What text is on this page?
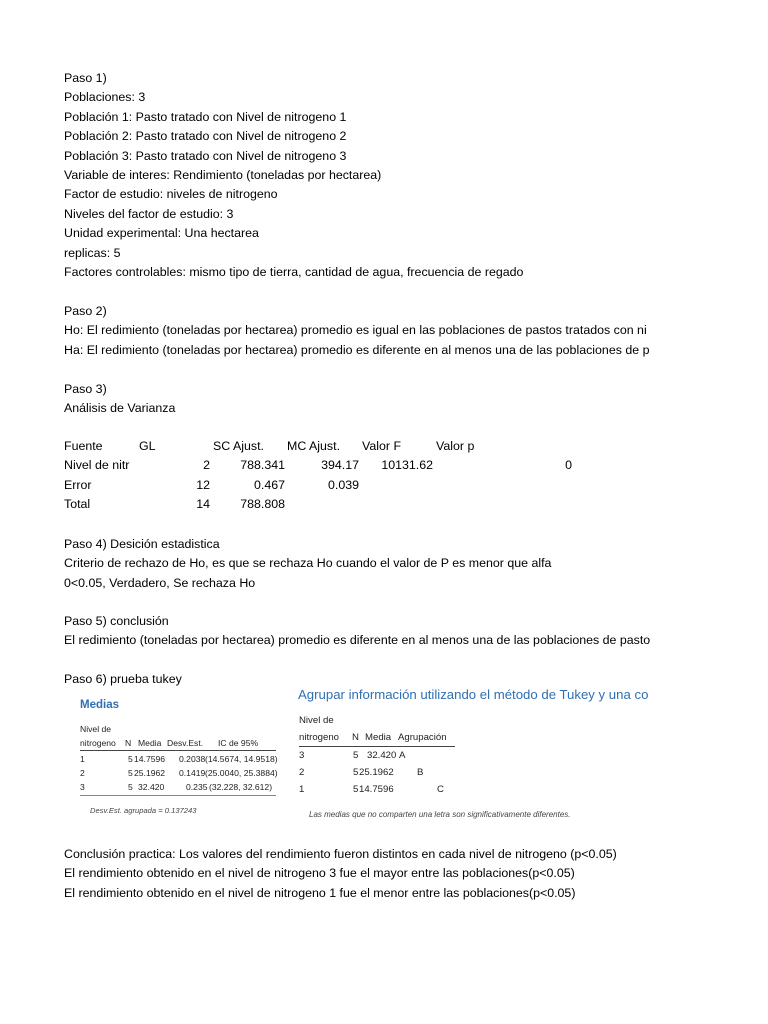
Paso 1)
Poblaciones: 3
Población 1: Pasto tratado con Nivel de nitrogeno 1
Población 2: Pasto tratado con Nivel de nitrogeno 2
Población 3: Pasto tratado con Nivel de nitrogeno 3
Variable de interes: Rendimiento (toneladas por hectarea)
Factor de estudio: niveles de nitrogeno
Niveles del factor de estudio: 3
Unidad experimental: Una hectarea
replicas: 5
Factores controlables: mismo tipo de tierra, cantidad de agua, frecuencia de regado
Paso 2)
Ho: El redimiento (toneladas por hectarea) promedio es igual en las poblaciones de pastos tratados con ni
Ha: El redimiento (toneladas por hectarea) promedio es diferente en al menos una de las poblaciones de p
Paso 3)
Análisis de Varianza
Fuente	GL	SC Ajust. MC Ajust. Valor F	Valor p
Nivel de nitr	2 788.341	394.17 10131.62	0
Error	12	0.467	0.039
Total	14 788.808
Paso 4) Desición estadistica
Criterio de rechazo de Ho, es que se rechaza Ho cuando el valor de P es menor que alfa
0<0.05, Verdadero, Se rechaza Ho
Paso 5) conclusión
El redimiento (toneladas por hectarea) promedio es diferente en al menos una de las poblaciones de pasto
Paso 6) prueba tukey
Agrupar información utilizando el método de Tukey y una co
Medias
Nivel de
nitrogeno N Media Desv.Est. IC de 95%
1	5 14.7596 0.2038 (14.5674, 14.9518)
2	5 25.1962 0.1419 (25.0040, 25.3884)
3	5 32.420	0.235 (32.228, 32.612)
Desv.Est. agrupada = 0.137243
Nivel de
nitrogeno N Media Agrupación
3	5 32.420 A
2	5 25.1962 B
1	5 14.7596	C
Las medias que no comparten una letra son significativamente diferentes.
Conclusión practica: Los valores del rendimiento fueron distintos en cada nivel de nitrogeno (p<0.05)
El rendimiento obtenido en el nivel de nitrogeno 3 fue el mayor entre las poblaciones(p<0.05)
El rendimiento obtenido en el nivel de nitrogeno 1 fue el menor entre las poblaciones(p<0.05)
